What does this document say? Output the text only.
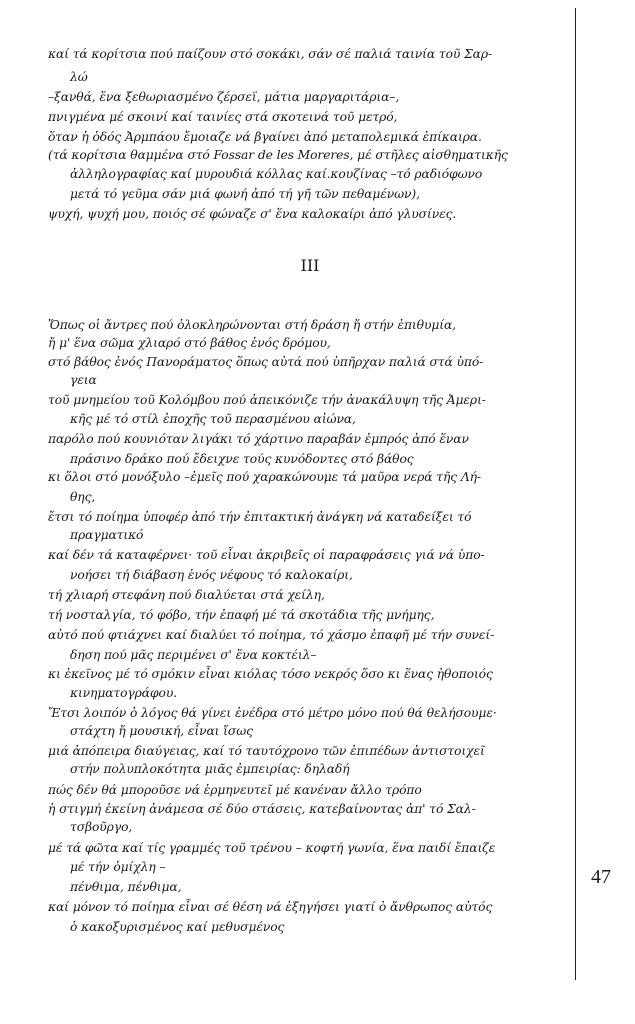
καί τά κορίτσια πού παίζουν στό σοκάκι, σάν σέ παλιά ταινία τοῦ Σαρ-
λώ
–ξανθά, ἕνα ξεθωριασμένο ζέρσεϊ, μάτια μαργαριτάρια–,
πνιγμένα μέ σκοινί καί ταινίες στά σκοτεινά τοῦ μετρό,
ὅταν ἡ ὁδός Ἀρμπάου ἔμοιαζε νά βγαίνει ἀπό μεταπολεμικά ἐπίκαιρα.
(τά κορίτσια θαμμένα στό Fossar de les Moreres, μέ στῆλες αἰσθηματικῆς
ἀλληλογραφίας καί μυρουδιά κόλλας καί.κουζίνας –τό ραδιόφωνο
μετά τό γεῦμα σάν μιά φωνή ἀπό τή γῆ τῶν πεθαμένων),
ψυχή, ψυχή μου, ποιός σέ φώναζε σ' ἕνα καλοκαίρι ἀπό γλυσίνες.
III
Ὅπως οἱ ἄντρες πού ὁλοκληρώνονται στή δράση ἤ στήν ἐπιθυμία,
ἤ μ' ἕνα σῶμα χλιαρό στό βάθος ἑνός δρόμου,
στό βάθος ἑνός Πανοράματος ὅπως αὐτά πού ὑπῆρχαν παλιά στά ὑπό-
γεια
τοῦ μνημείου τοῦ Κολόμβου πού ἀπεικόνιζε τήν ἀνακάλυψη τῆς Ἀμερι-
κῆς μέ τό στίλ ἐποχῆς τοῦ περασμένου αἰώνα,
παρόλο πού κουνιόταν λιγάκι τό χάρτινο παραβάν ἐμπρός ἀπό ἕναν
πράσινο δράκο πού ἔδειχνε τούς κυνόδοντες στό βάθος
κι ὅλοι στό μονόξυλο –ἐμεῖς πού χαρακώνουμε τά μαῦρα νερά τῆς Λή-
θης,
ἔτσι τό ποίημα ὑποφέρ ἀπό τήν ἐπιτακτική ἀνάγκη νά καταδείξει τό
πραγματικό
καί δέν τά καταφέρνει· τοῦ εἶναι ἀκριβεῖς οἱ παραφράσεις γιά νά ὑπο-
νοήσει τή διάβαση ἑνός νέφους τό καλοκαίρι,
τή χλιαρή στεφάνη πού διαλύεται στά χείλη,
τή νοσταλγία, τό φόβο, τήν ἐπαφή μέ τά σκοτάδια τῆς μνήμης,
αὐτό πού φτιάχνει καί διαλύει τό ποίημα, τό χάσμο ἐπαφῆ μέ τήν συνεί-
δηση πού μᾶς περιμένει σ' ἕνα κοκτέιλ–
κι ἐκεῖνος μέ τό σμόκιν εἶναι κιόλας τόσο νεκρός ὅσο κι ἕνας ἠθοποιός
κινηματογράφου.
Ἔτσι λοιπόν ὁ λόγος θά γίνει ἐνέδρα στό μέτρο μόνο πού θά θελήσουμε·
στάχτη ἤ μουσική, εἶναι ἴσως
μιά ἀπόπειρα διαύγειας, καί τό ταυτόχρονο τῶν ἐπιπέδων ἀντιστοιχεῖ
στήν πολυπλοκότητα μιᾶς ἐμπειρίας: δηλαδή
πώς δέν θά μποροῦσε νά ἑρμηνευτεῖ μέ κανέναν ἄλλο τρόπο
ἡ στιγμή ἐκείνη ἀνάμεσα σέ δύο στάσεις, κατεβαίνοντας ἀπ' τό Σαλ-
τσβοῦργο,
μέ τά φῶτα καί τίς γραμμές τοῦ τρένου – κοφτή γωνία, ἕνα παιδί ἔπαιζε
μέ τήν ὀμίχλη –
πένθιμα, πένθιμα,
καί μόνον τό ποίημα εἶναι σέ θέση νά ἐξηγήσει γιατί ὁ ἄνθρωπος αὐτός
ὁ κακοξυρισμένος καί μεθυσμένος
47
